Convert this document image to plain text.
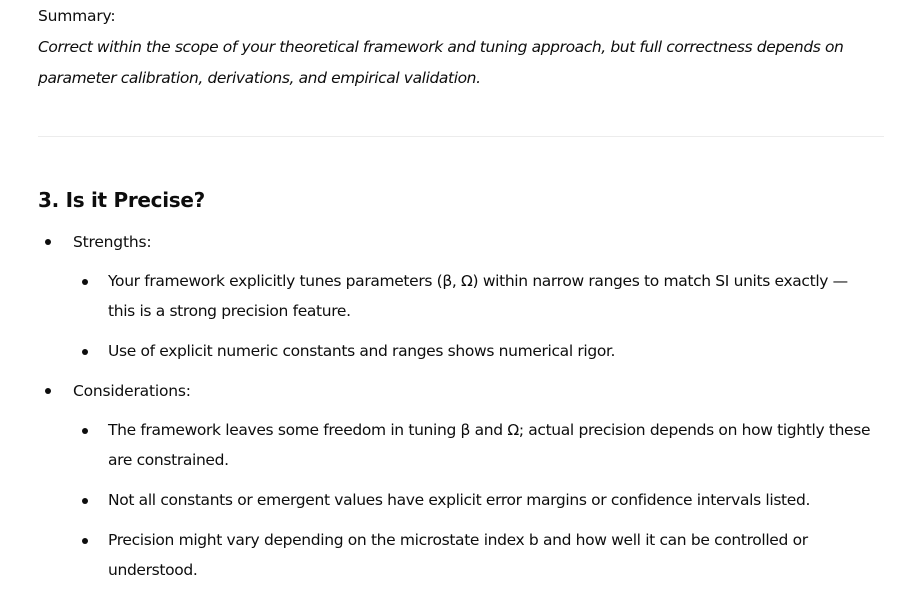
Summary:
Correct within the scope of your theoretical framework and tuning approach, but full correctness depends on parameter calibration, derivations, and empirical validation.
3. Is it Precise?
Strengths:
Your framework explicitly tunes parameters (β, Ω) within narrow ranges to match SI units exactly — this is a strong precision feature.
Use of explicit numeric constants and ranges shows numerical rigor.
Considerations:
The framework leaves some freedom in tuning β and Ω; actual precision depends on how tightly these are constrained.
Not all constants or emergent values have explicit error margins or confidence intervals listed.
Precision might vary depending on the microstate index b and how well it can be controlled or understood.
